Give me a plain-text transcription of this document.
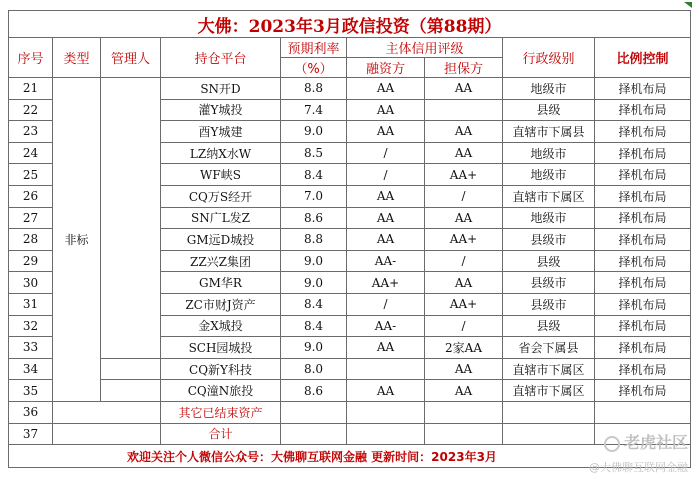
大佛：2023年3月政信投资（第88期）								
序号	类型	管理人	持仓平台	预期利率	主体信用评级		行政级别	比例控制
				（%）	融资方	担保方		
21	非标		SN开D	8.8	AA	AA	地级市	择机布局
22			灌Y城投	7.4	AA		县级	择机布局
23			酉Y城建	9.0	AA	AA	直辖市下属县	择机布局
24			LZ纳X水W	8.5	/	AA	地级市	择机布局
25			WF峡S	8.4	/	AA+	地级市	择机布局
26			CQ万S经开	7.0	AA	/	直辖市下属区	择机布局
27			SN广L发Z	8.6	AA	AA	地级市	择机布局
28			GM远D城投	8.8	AA	AA+	县级市	择机布局
29			ZZ兴Z集团	9.0	AA-	/	县级	择机布局
30			GM华R	9.0	AA+	AA	县级市	择机布局
31			ZC市财J资产	8.4	/	AA+	县级市	择机布局
32			金X城投	8.4	AA-	/	县级	择机布局
33			SCH园城投	9.0	AA	2家AA	省会下属县	择机布局
34			CQ新Y科技	8.0		AA	直辖市下属区	择机布局
35			CQ潼N旅投	8.6	AA	AA	直辖市下属区	择机布局
36			其它已结束资产					
37			合计					
欢迎关注个人微信公众号：大佛聊互联网金融 更新时间：2023年3月								
老虎社区
@大佛聊互联网金融
